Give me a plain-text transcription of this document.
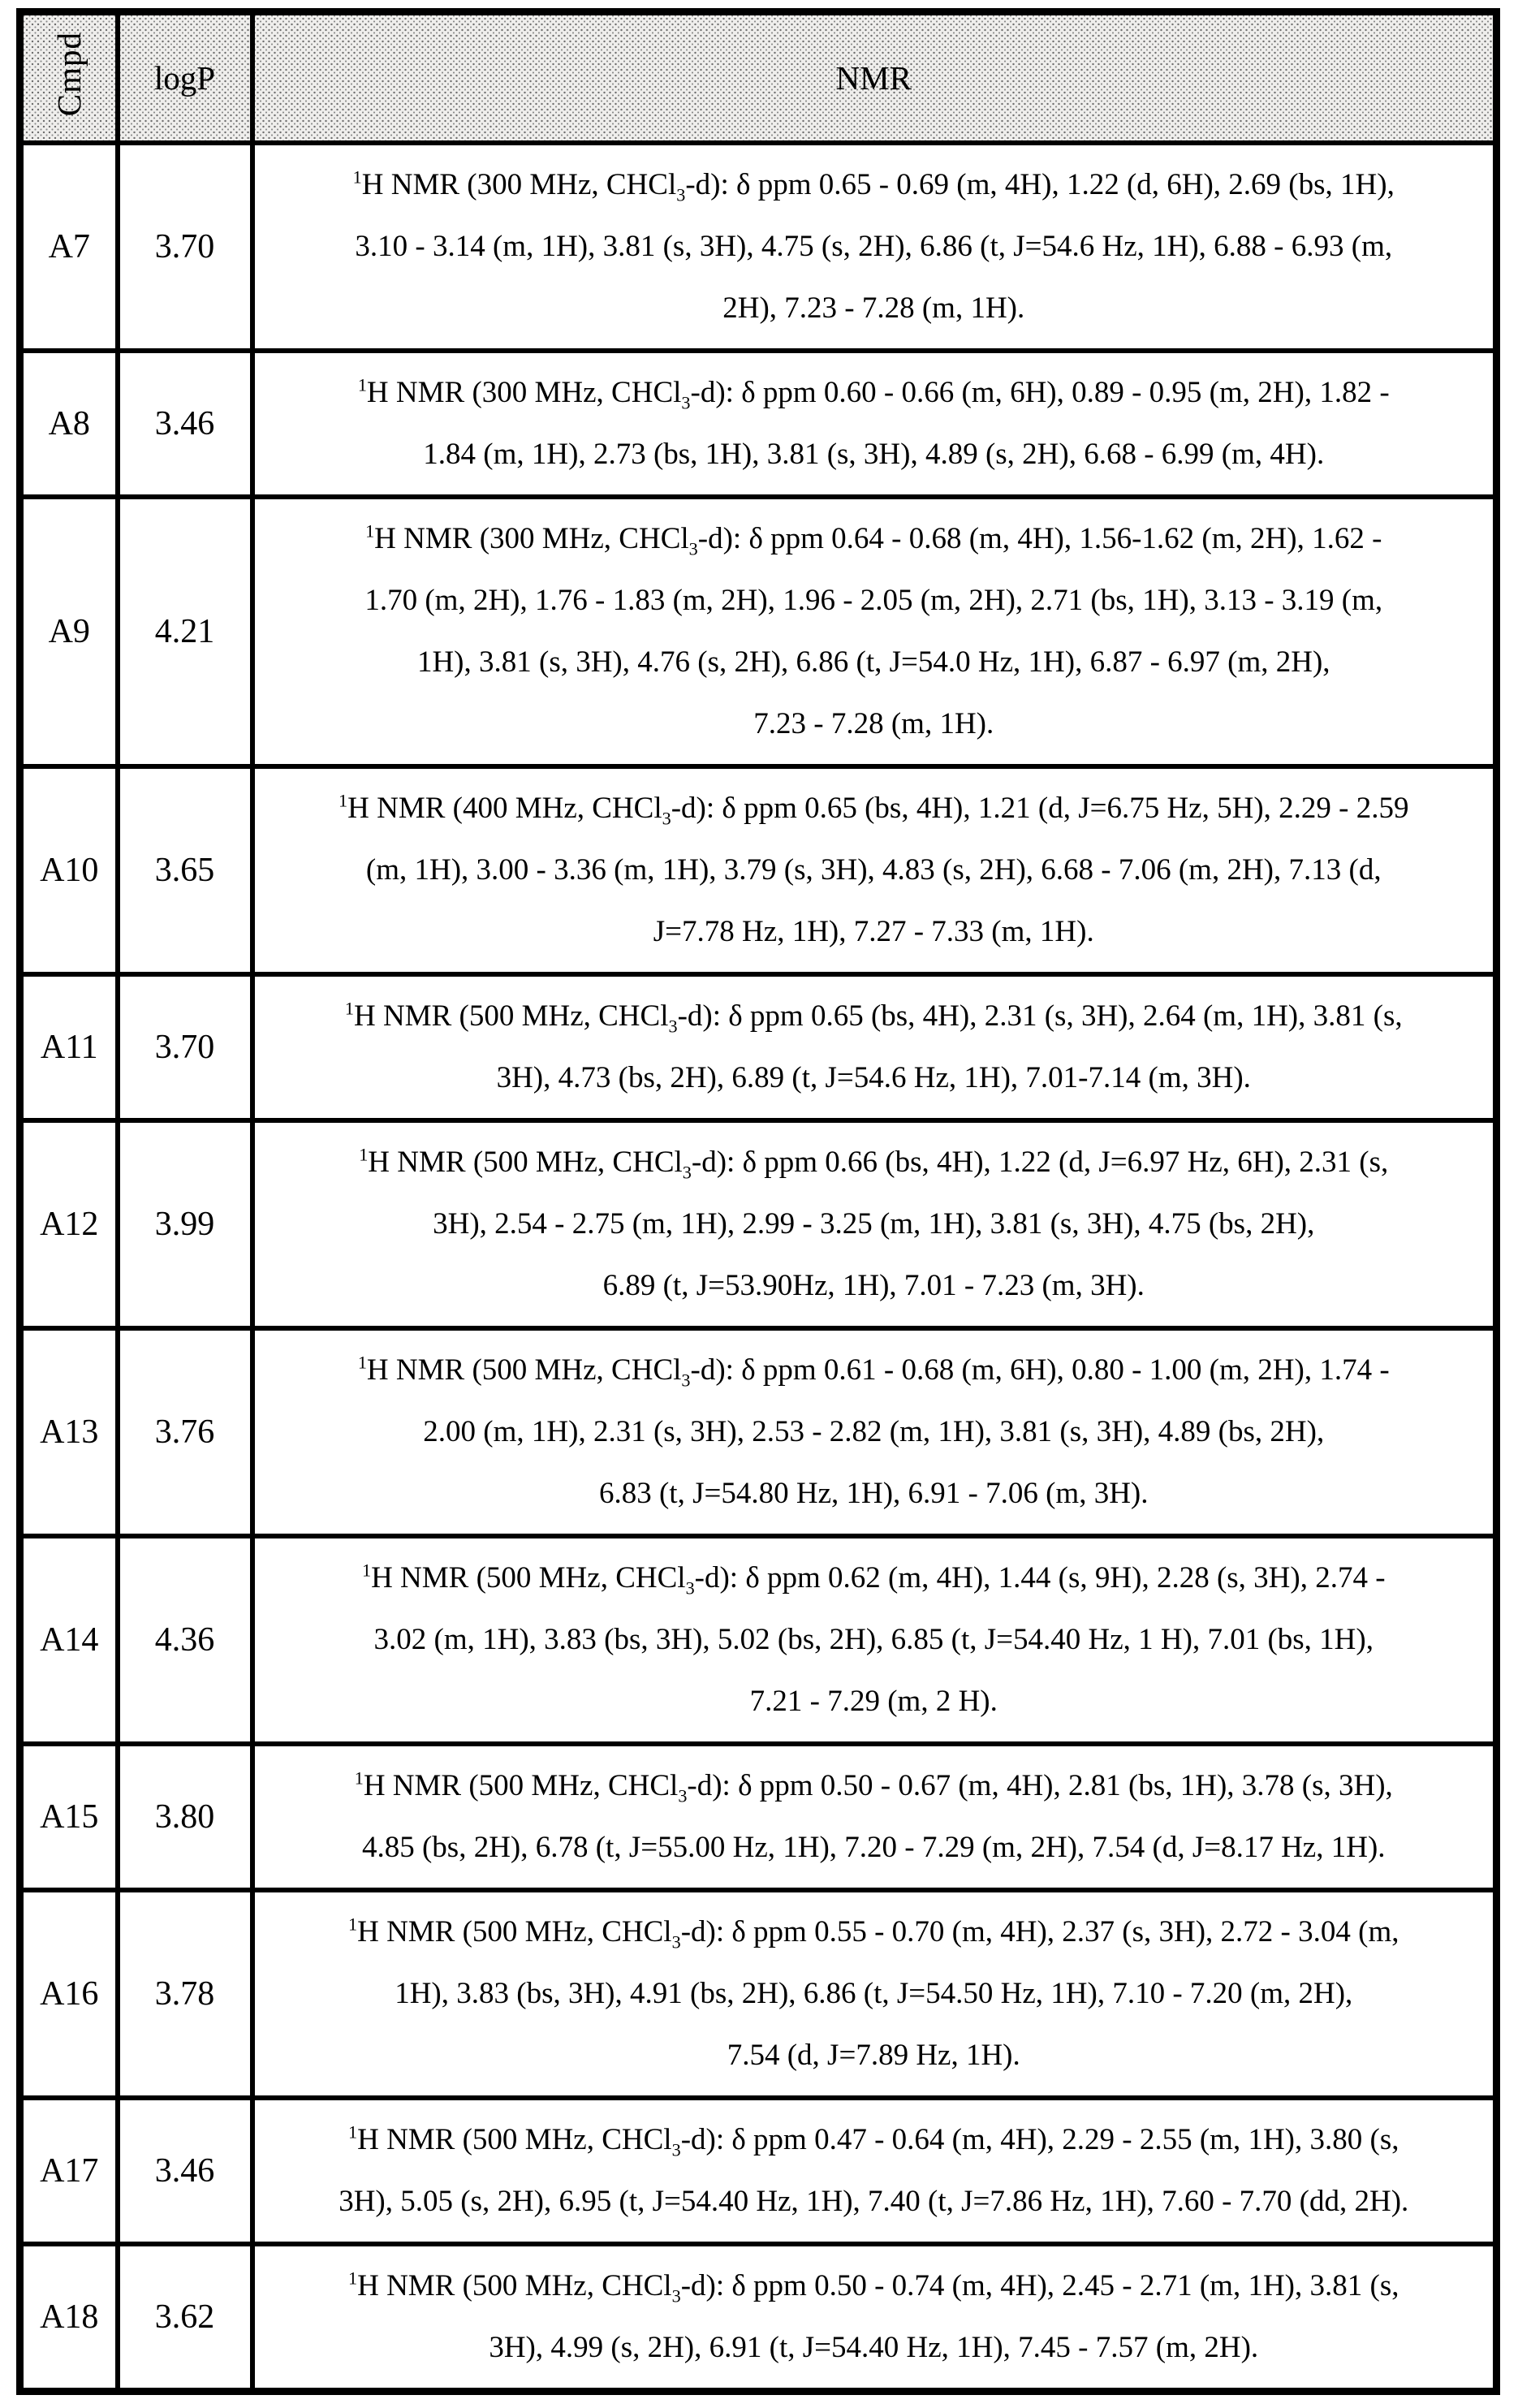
Cmpd	logP	NMR
A7	3.70	$^1$H NMR (300 MHz, CHCl$_3$-d): δ ppm 0.65 - 0.69 (m, 4H), 1.22 (d, 6H), 2.69 (bs, 1H),
3.10 - 3.14 (m, 1H), 3.81 (s, 3H), 4.75 (s, 2H), 6.86 (t, J=54.6 Hz, 1H), 6.88 - 6.93 (m,
2H), 7.23 - 7.28 (m, 1H).
A8	3.46	$^1$H NMR (300 MHz, CHCl$_3$-d): δ ppm 0.60 - 0.66 (m, 6H), 0.89 - 0.95 (m, 2H), 1.82 -
1.84 (m, 1H), 2.73 (bs, 1H), 3.81 (s, 3H), 4.89 (s, 2H), 6.68 - 6.99 (m, 4H).
A9	4.21	$^1$H NMR (300 MHz, CHCl$_3$-d): δ ppm 0.64 - 0.68 (m, 4H), 1.56-1.62 (m, 2H), 1.62 -
1.70 (m, 2H), 1.76 - 1.83 (m, 2H), 1.96 - 2.05 (m, 2H), 2.71 (bs, 1H), 3.13 - 3.19 (m,
1H), 3.81 (s, 3H), 4.76 (s, 2H), 6.86 (t, J=54.0 Hz, 1H), 6.87 - 6.97 (m, 2H),
7.23 - 7.28 (m, 1H).
A10	3.65	$^1$H NMR (400 MHz, CHCl$_3$-d): δ ppm 0.65 (bs, 4H), 1.21 (d, J=6.75 Hz, 5H), 2.29 - 2.59
(m, 1H), 3.00 - 3.36 (m, 1H), 3.79 (s, 3H), 4.83 (s, 2H), 6.68 - 7.06 (m, 2H), 7.13 (d,
J=7.78 Hz, 1H), 7.27 - 7.33 (m, 1H).
A11	3.70	$^1$H NMR (500 MHz, CHCl$_3$-d): δ ppm 0.65 (bs, 4H), 2.31 (s, 3H), 2.64 (m, 1H), 3.81 (s,
3H), 4.73 (bs, 2H), 6.89 (t, J=54.6 Hz, 1H), 7.01-7.14 (m, 3H).
A12	3.99	$^1$H NMR (500 MHz, CHCl$_3$-d): δ ppm 0.66 (bs, 4H), 1.22 (d, J=6.97 Hz, 6H), 2.31 (s,
3H), 2.54 - 2.75 (m, 1H), 2.99 - 3.25 (m, 1H), 3.81 (s, 3H), 4.75 (bs, 2H),
6.89 (t, J=53.90Hz, 1H), 7.01 - 7.23 (m, 3H).
A13	3.76	$^1$H NMR (500 MHz, CHCl$_3$-d): δ ppm 0.61 - 0.68 (m, 6H), 0.80 - 1.00 (m, 2H), 1.74 -
2.00 (m, 1H), 2.31 (s, 3H), 2.53 - 2.82 (m, 1H), 3.81 (s, 3H), 4.89 (bs, 2H),
6.83 (t, J=54.80 Hz, 1H), 6.91 - 7.06 (m, 3H).
A14	4.36	$^1$H NMR (500 MHz, CHCl$_3$-d): δ ppm 0.62 (m, 4H), 1.44 (s, 9H), 2.28 (s, 3H), 2.74 -
3.02 (m, 1H), 3.83 (bs, 3H), 5.02 (bs, 2H), 6.85 (t, J=54.40 Hz, 1 H), 7.01 (bs, 1H),
7.21 - 7.29 (m, 2 H).
A15	3.80	$^1$H NMR (500 MHz, CHCl$_3$-d): δ ppm 0.50 - 0.67 (m, 4H), 2.81 (bs, 1H), 3.78 (s, 3H),
4.85 (bs, 2H), 6.78 (t, J=55.00 Hz, 1H), 7.20 - 7.29 (m, 2H), 7.54 (d, J=8.17 Hz, 1H).
A16	3.78	$^1$H NMR (500 MHz, CHCl$_3$-d): δ ppm 0.55 - 0.70 (m, 4H), 2.37 (s, 3H), 2.72 - 3.04 (m,
1H), 3.83 (bs, 3H), 4.91 (bs, 2H), 6.86 (t, J=54.50 Hz, 1H), 7.10 - 7.20 (m, 2H),
7.54 (d, J=7.89 Hz, 1H).
A17	3.46	$^1$H NMR (500 MHz, CHCl$_3$-d): δ ppm 0.47 - 0.64 (m, 4H), 2.29 - 2.55 (m, 1H), 3.80 (s,
3H), 5.05 (s, 2H), 6.95 (t, J=54.40 Hz, 1H), 7.40 (t, J=7.86 Hz, 1H), 7.60 - 7.70 (dd, 2H).
A18	3.62	$^1$H NMR (500 MHz, CHCl$_3$-d): δ ppm 0.50 - 0.74 (m, 4H), 2.45 - 2.71 (m, 1H), 3.81 (s,
3H), 4.99 (s, 2H), 6.91 (t, J=54.40 Hz, 1H), 7.45 - 7.57 (m, 2H).
